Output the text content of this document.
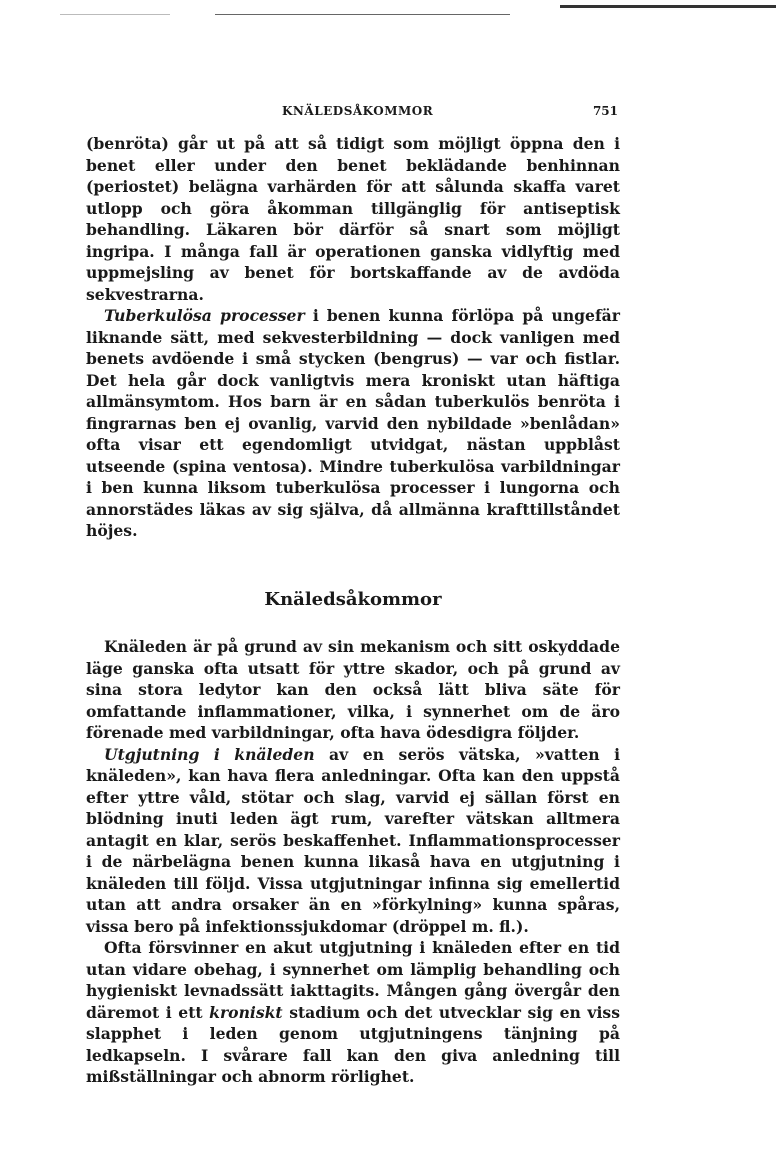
KNÄLEDSÅKOMMOR	751

(benröta) går ut på att så tidigt som möjligt öppna den i benet eller under den benet beklädande benhinnan (periostet) belägna varhärden för att sålunda skaffa varet utlopp och göra åkomman tillgänglig för antiseptisk behandling. Läkaren bör därför så snart som möjligt ingripa. I många fall är operationen ganska vidlyftig med uppmejsling av benet för bortskaffande av de avdöda sekvestrarna.

Tuberkulösa processer i benen kunna förlöpa på ungefär liknande sätt, med sekvesterbildning — dock vanligen med benets avdöende i små stycken (bengrus) — var och fistlar. Det hela går dock vanligtvis mera kroniskt utan häftiga allmänsymtom. Hos barn är en sådan tuberkulös benröta i fingrarnas ben ej ovanlig, varvid den nybildade »benlådan» ofta visar ett egendomligt utvidgat, nästan uppblåst utseende (spina ventosa). Mindre tuberkulösa varbildningar i ben kunna liksom tuberkulösa processer i lungorna och annorstädes läkas av sig själva, då allmänna krafttillståndet höjes.

Knäledsåkommor

Knäleden är på grund av sin mekanism och sitt oskyddade läge ganska ofta utsatt för yttre skador, och på grund av sina stora ledytor kan den också lätt bliva säte för omfattande inflammationer, vilka, i synnerhet om de äro förenade med varbildningar, ofta hava ödesdigra följder.

Utgjutning i knäleden av en serös vätska, »vatten i knäleden», kan hava flera anledningar. Ofta kan den uppstå efter yttre våld, stötar och slag, varvid ej sällan först en blödning inuti leden ägt rum, varefter vätskan alltmera antagit en klar, serös beskaffenhet. Inflammationsprocesser i de närbelägna benen kunna likaså hava en utgjutning i knäleden till följd. Vissa utgjutningar infinna sig emellertid utan att andra orsaker än en »förkylning» kunna spåras, vissa bero på infektionssjukdomar (dröppel m. fl.).

Ofta försvinner en akut utgjutning i knäleden efter en tid utan vidare obehag, i synnerhet om lämplig behandling och hygieniskt levnadssätt iakttagits. Mången gång övergår den däremot i ett kroniskt stadium och det utvecklar sig en viss slapphet i leden genom utgjutningens tänjning på ledkapseln. I svårare fall kan den giva anledning till mißställningar och abnorm rörlighet.
